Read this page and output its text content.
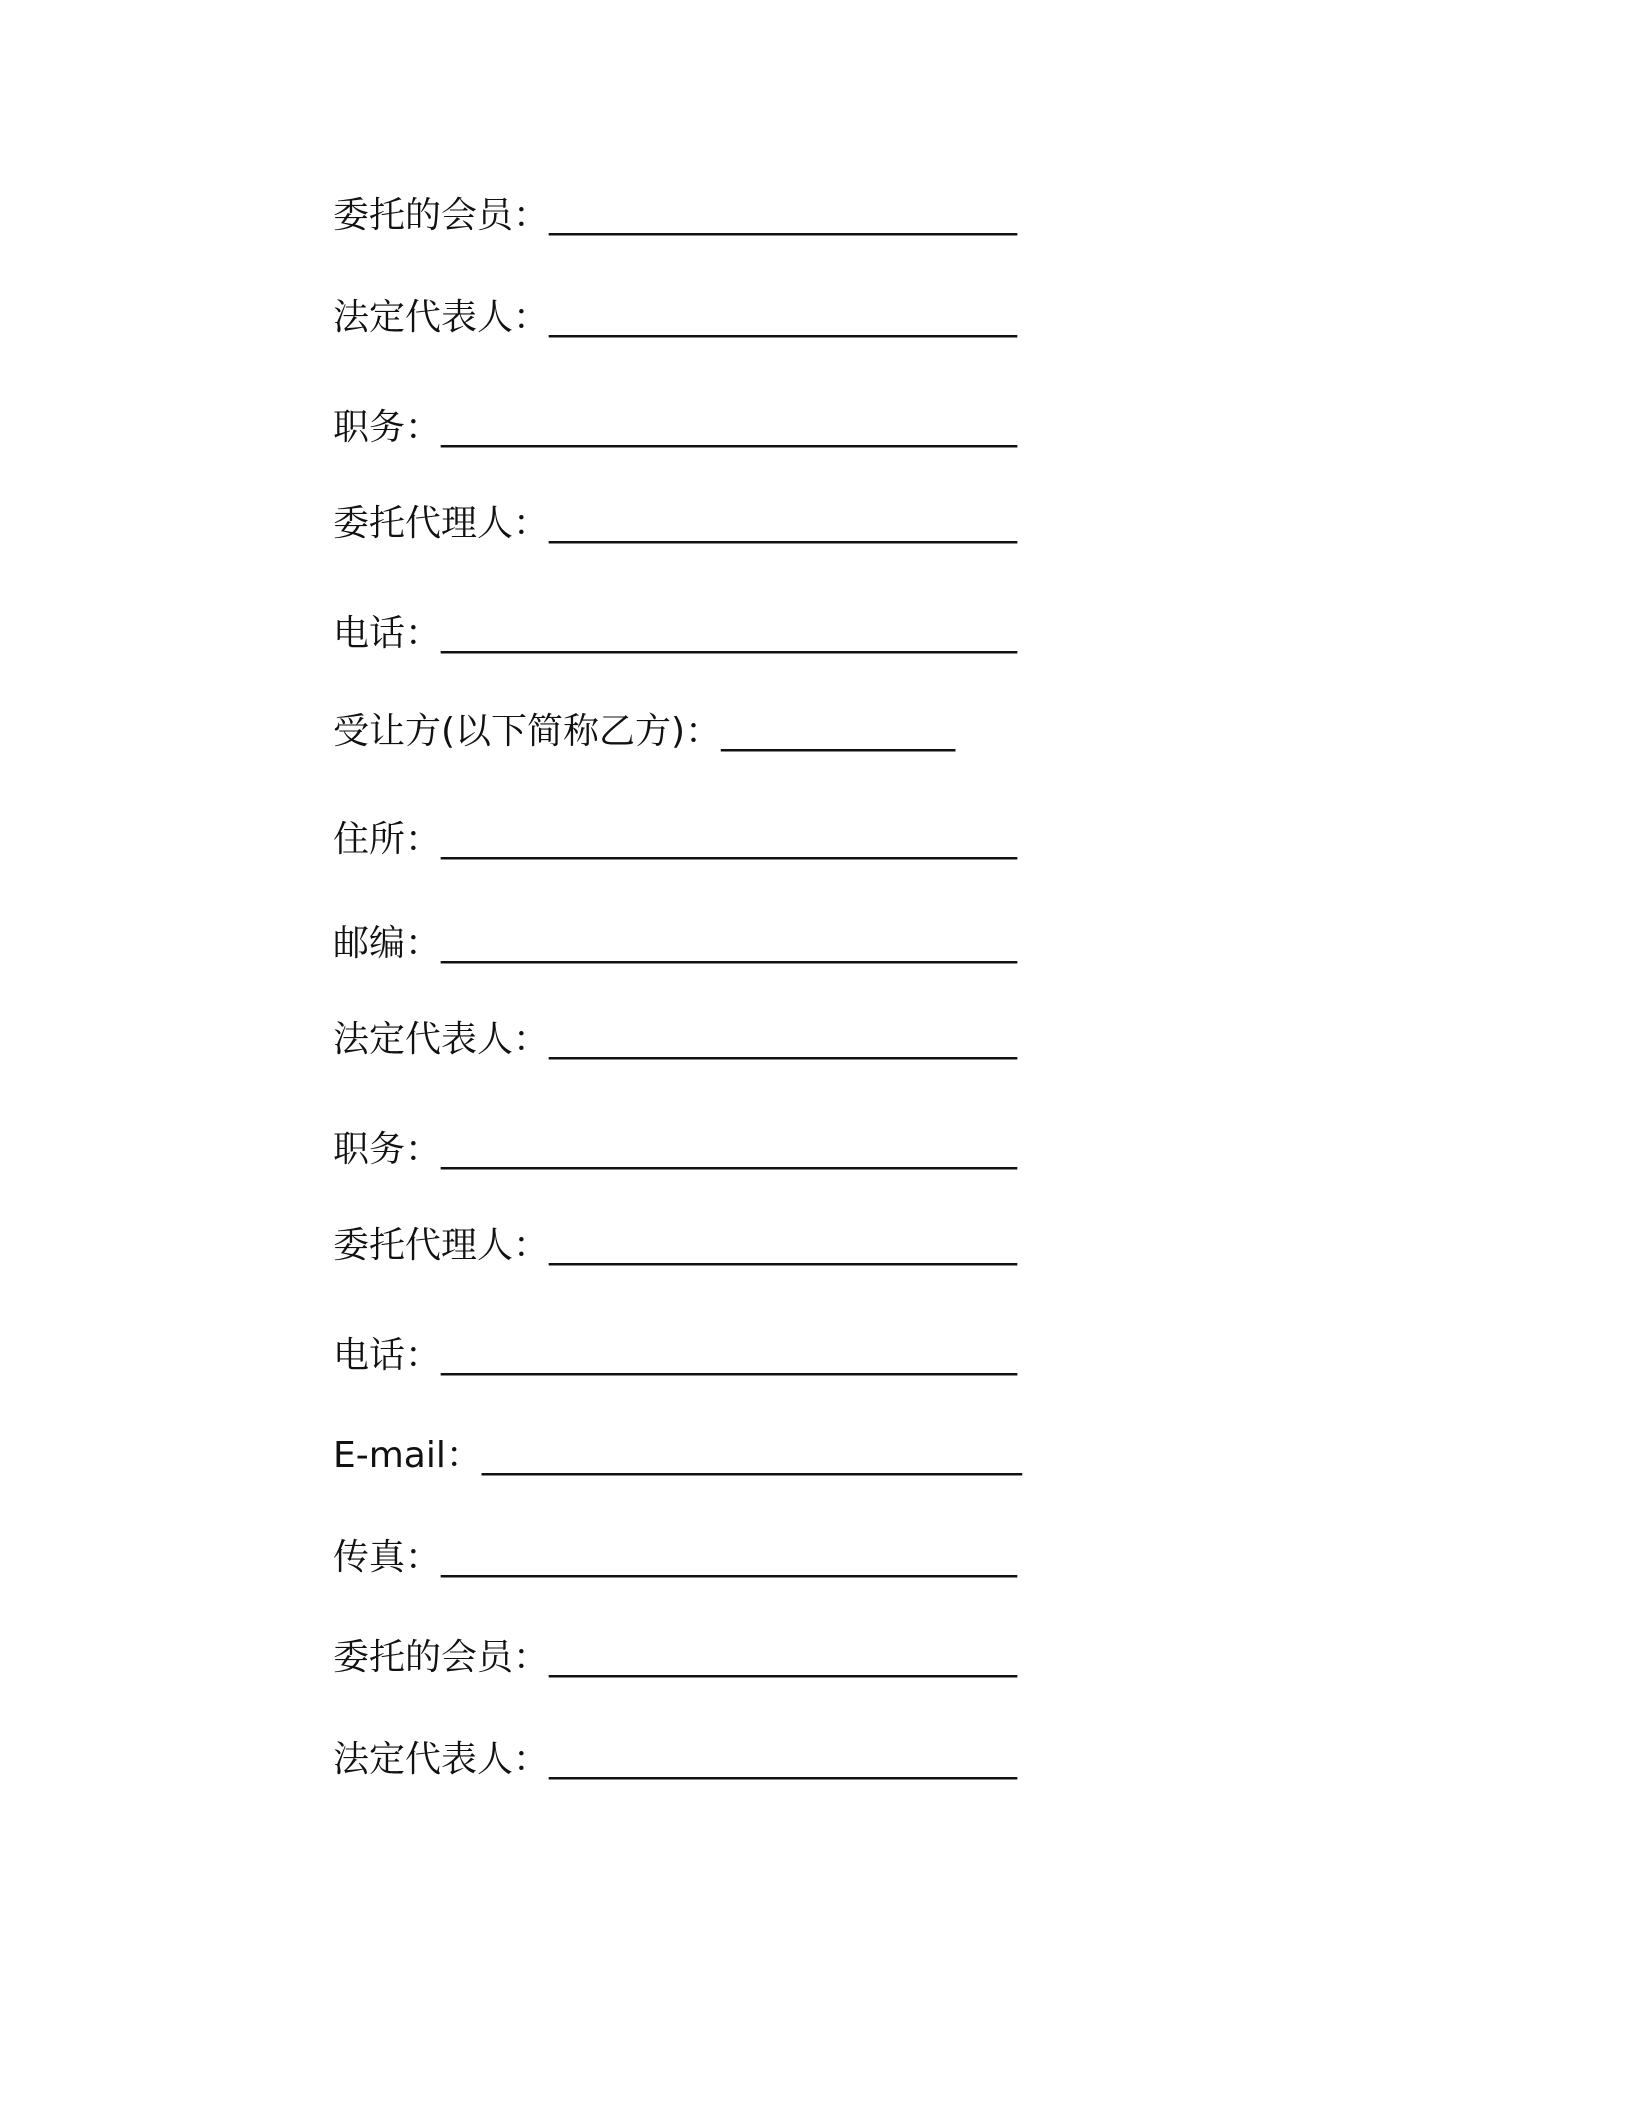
委托的会员：__________________________
法定代表人：__________________________
职务：________________________________
委托代理人：__________________________
电话：________________________________
受让方(以下简称乙方)：_____________
住所：________________________________
邮编：________________________________
法定代表人：__________________________
职务：________________________________
委托代理人：__________________________
电话：________________________________
E-mail：______________________________
传真：________________________________
委托的会员：__________________________
法定代表人：__________________________
